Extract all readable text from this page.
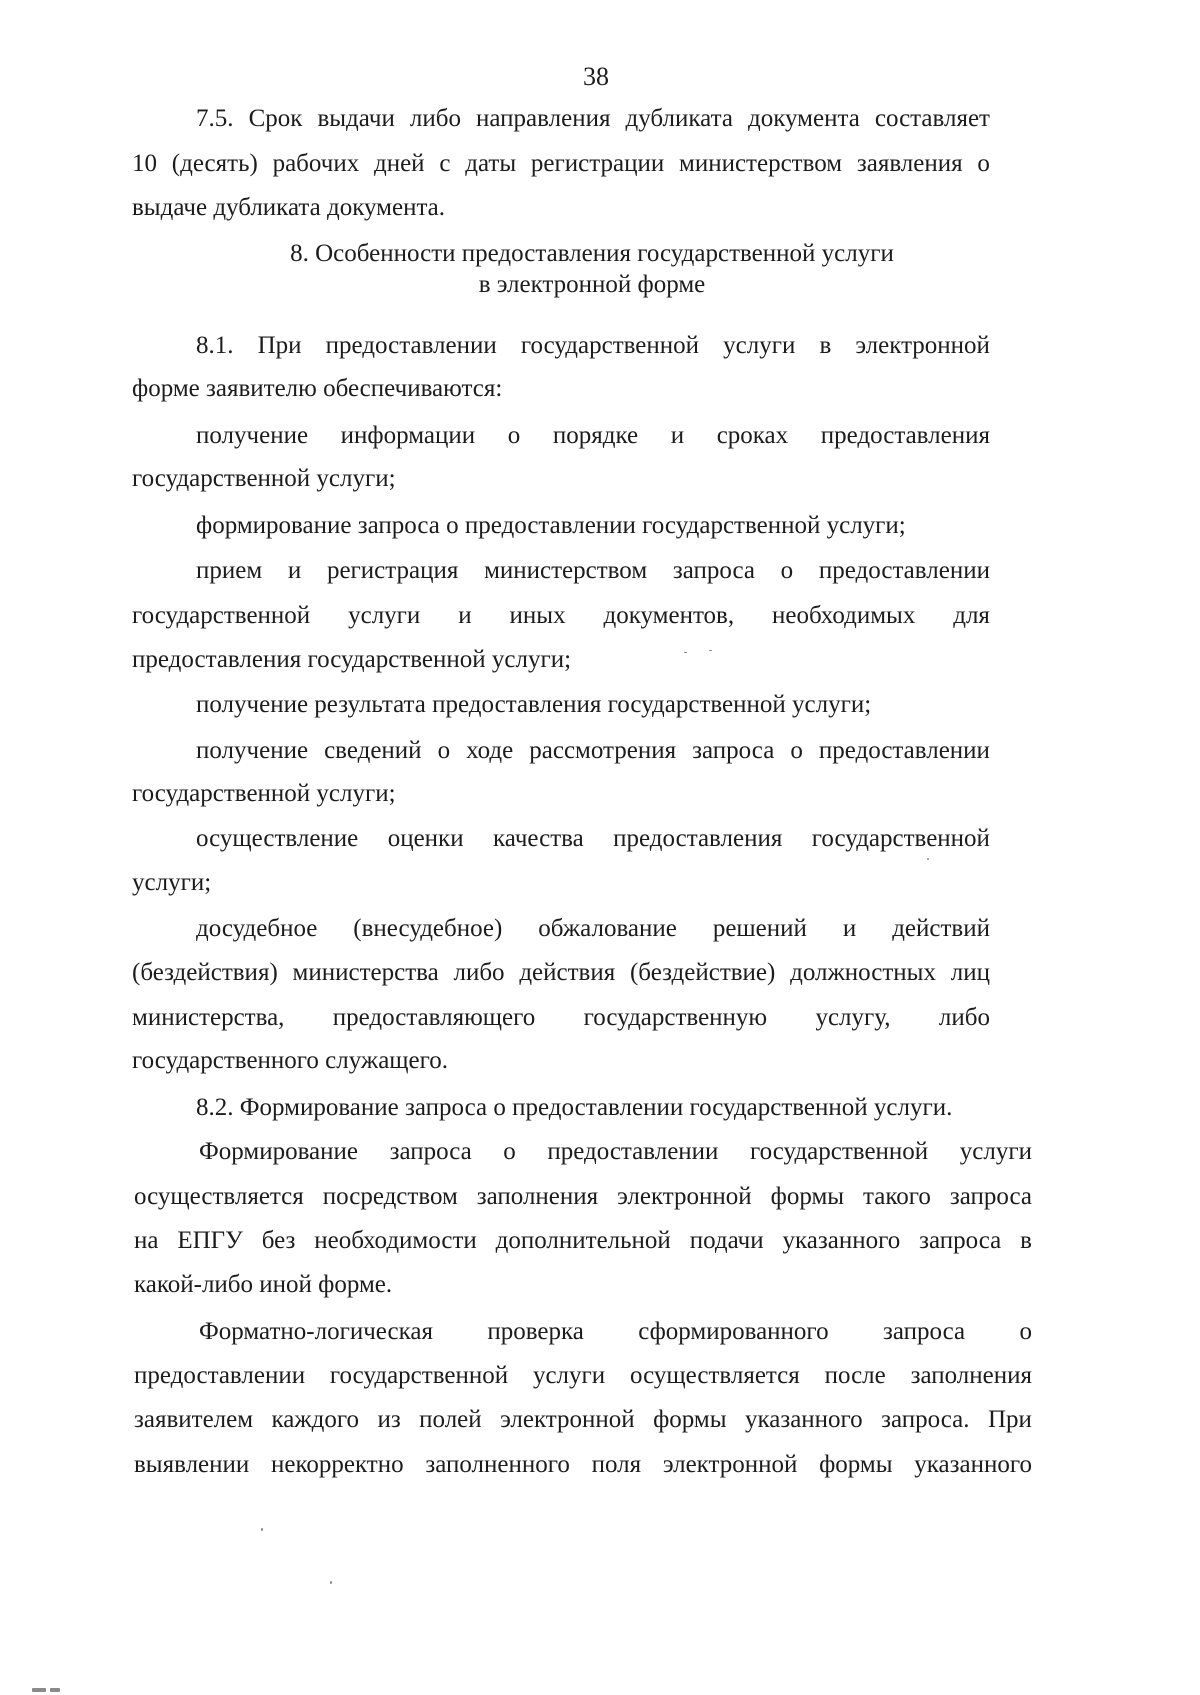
38
7.5. Срок выдачи либо направления дубликата документа составляет
10 (десять) рабочих дней с даты регистрации министерством заявления о
выдаче дубликата документа.
8. Особенности предоставления государственной услуги
в электронной форме
8.1. При предоставлении государственной услуги в электронной
форме заявителю обеспечиваются:
получение информации о порядке и сроках предоставления
государственной услуги;
формирование запроса о предоставлении государственной услуги;
прием и регистрация министерством запроса о предоставлении
государственной услуги и иных документов, необходимых для
предоставления государственной услуги;
получение результата предоставления государственной услуги;
получение сведений о ходе рассмотрения запроса о предоставлении
государственной услуги;
осуществление оценки качества предоставления государственной
услуги;
досудебное (внесудебное) обжалование решений и действий
(бездействия) министерства либо действия (бездействие) должностных лиц
министерства, предоставляющего государственную услугу, либо
государственного служащего.
8.2. Формирование запроса о предоставлении государственной услуги.
Формирование запроса о предоставлении государственной услуги
осуществляется посредством заполнения электронной формы такого запроса
на ЕПГУ без необходимости дополнительной подачи указанного запроса в
какой-либо иной форме.
Форматно-логическая проверка сформированного запроса о
предоставлении государственной услуги осуществляется после заполнения
заявителем каждого из полей электронной формы указанного запроса. При
выявлении некорректно заполненного поля электронной формы указанного
